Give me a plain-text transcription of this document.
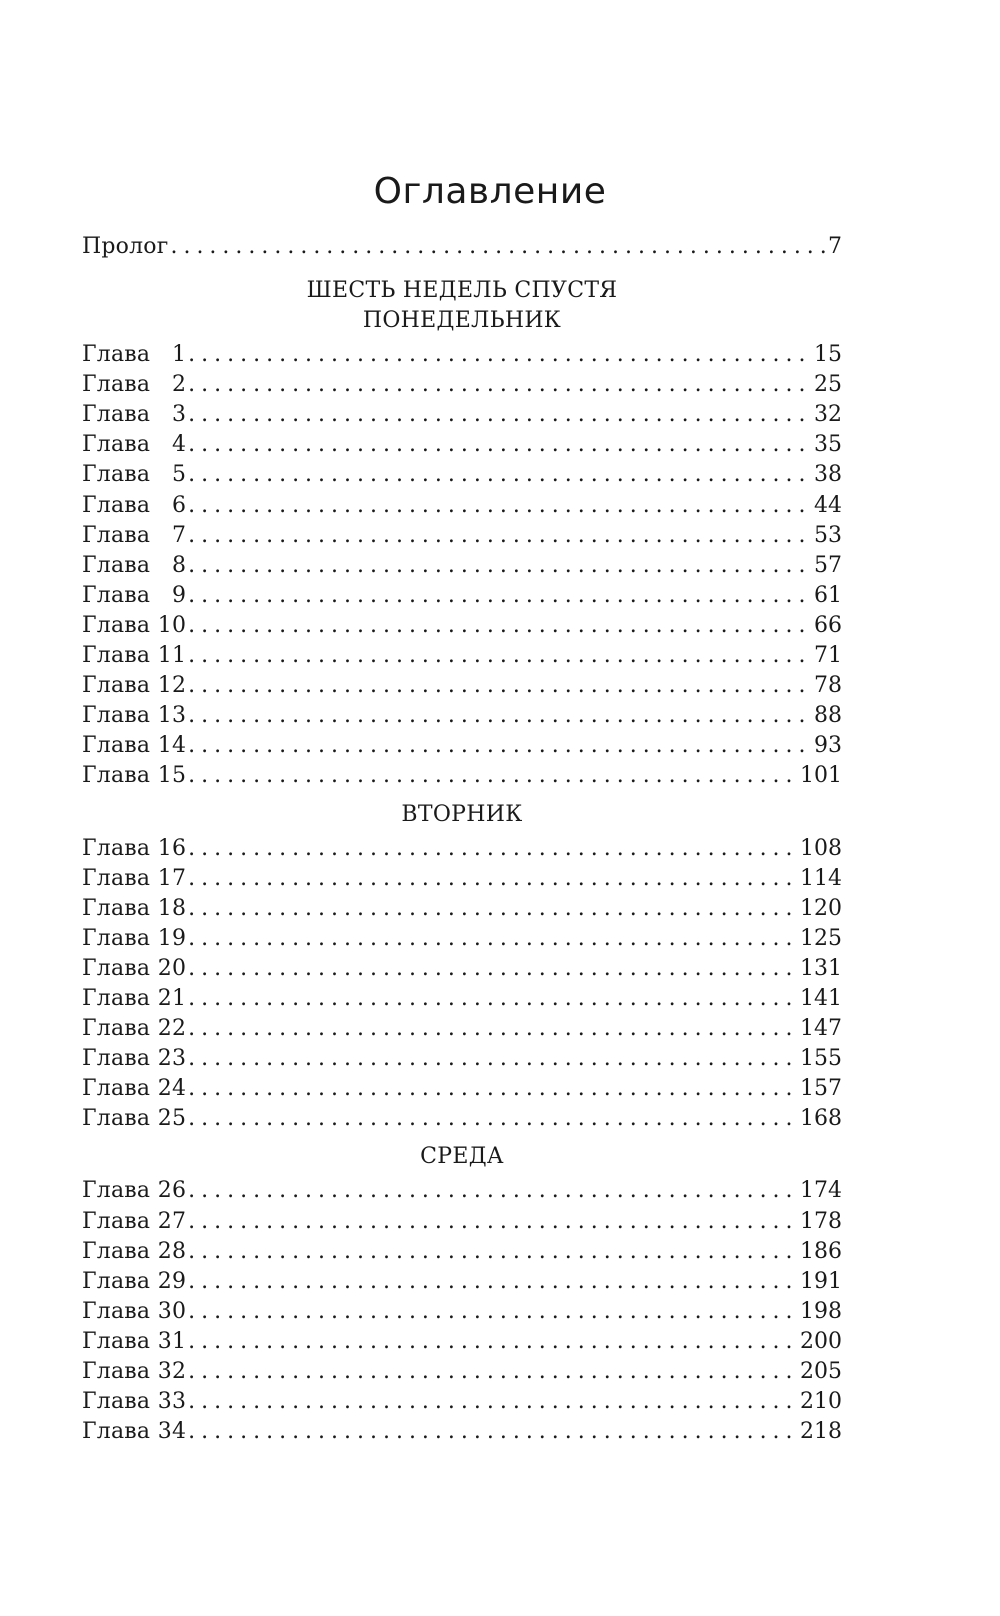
Оглавление
Пролог . . .	7
ШЕСТЬ НЕДЕЛЬ СПУСТЯ
ПОНЕДЕЛЬНИК
Глава 1 . . .	15
Глава 2 . . .	25
Глава 3 . . .	32
Глава 4 . . .	35
Глава 5 . . .	38
Глава 6 . . .	44
Глава 7 . . .	53
Глава 8 . . .	57
Глава 9 . . .	61
Глава 10 . . .	66
Глава 11 . . .	71
Глава 12 . . .	78
Глава 13 . . .	88
Глава 14 . . .	93
Глава 15 . . .	101
ВТОРНИК
Глава 16 . . .	108
Глава 17 . . .	114
Глава 18 . . .	120
Глава 19 . . .	125
Глава 20 . . .	131
Глава 21 . . .	141
Глава 22 . . .	147
Глава 23 . . .	155
Глава 24 . . .	157
Глава 25 . . .	168
СРЕДА
Глава 26 . . .	174
Глава 27 . . .	178
Глава 28 . . .	186
Глава 29 . . .	191
Глава 30 . . .	198
Глава 31 . . .	200
Глава 32 . . .	205
Глава 33 . . .	210
Глава 34 . . .	218
